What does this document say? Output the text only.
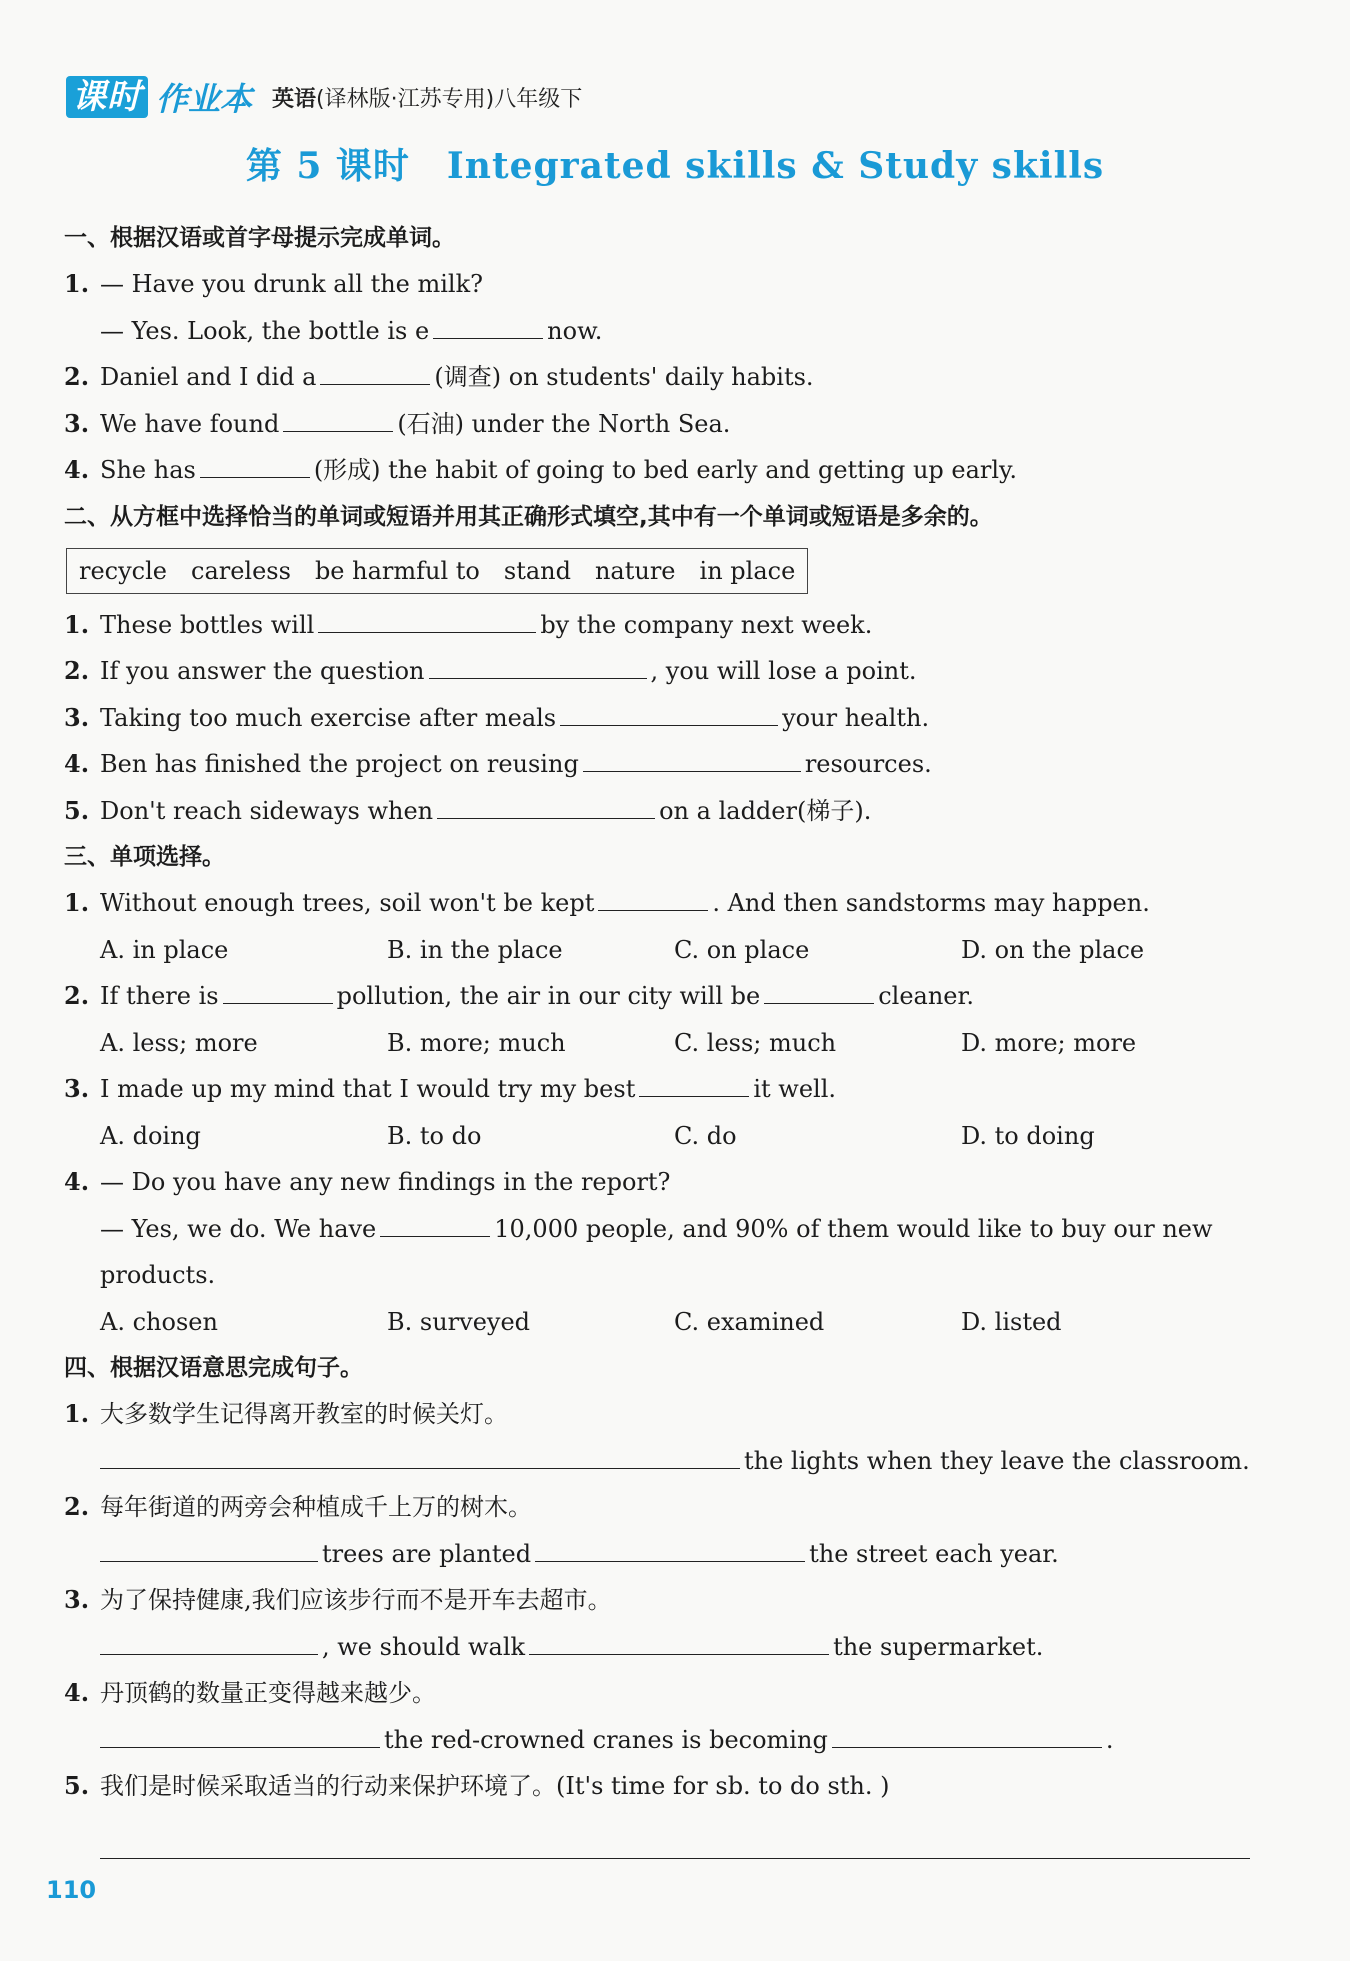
课时 作业本 英语(译林版·江苏专用)八年级下
第 5 课时　Integrated skills & Study skills
一、根据汉语或首字母提示完成单词。
1. — Have you drunk all the milk?
— Yes. Look, the bottle is e	now.
2. Daniel and I did a	(调查) on students' daily habits.
3. We have found	(石油) under the North Sea.
4. She has	(形成) the habit of going to bed early and getting up early.
二、从方框中选择恰当的单词或短语并用其正确形式填空,其中有一个单词或短语是多余的。
recycle careless be harmful to stand nature in place
1. These bottles will	by the company next week.
2. If you answer the question	, you will lose a point.
3. Taking too much exercise after meals	your health.
4. Ben has finished the project on reusing	resources.
5. Don't reach sideways when	on a ladder(梯子).
三、单项选择。
1. Without enough trees, soil won't be kept	. And then sandstorms may happen.
A. in place	B. in the place	C. on place	D. on the place
2. If there is	pollution, the air in our city will be	cleaner.
A. less; more	B. more; much	C. less; much	D. more; more
3. I made up my mind that I would try my best	it well.
A. doing	B. to do	C. do	D. to doing
4. — Do you have any new findings in the report?
— Yes, we do. We have	10,000 people, and 90% of them would like to buy our new
products.
A. chosen	B. surveyed	C. examined	D. listed
四、根据汉语意思完成句子。
1. 大多数学生记得离开教室的时候关灯。
the lights when they leave the classroom.
2. 每年街道的两旁会种植成千上万的树木。
trees are planted	the street each year.
3. 为了保持健康,我们应该步行而不是开车去超市。
, we should walk	the supermarket.
4. 丹顶鹤的数量正变得越来越少。
the red-crowned cranes is becoming	.
5. 我们是时候采取适当的行动来保护环境了。(It's time for sb. to do sth. )
110
